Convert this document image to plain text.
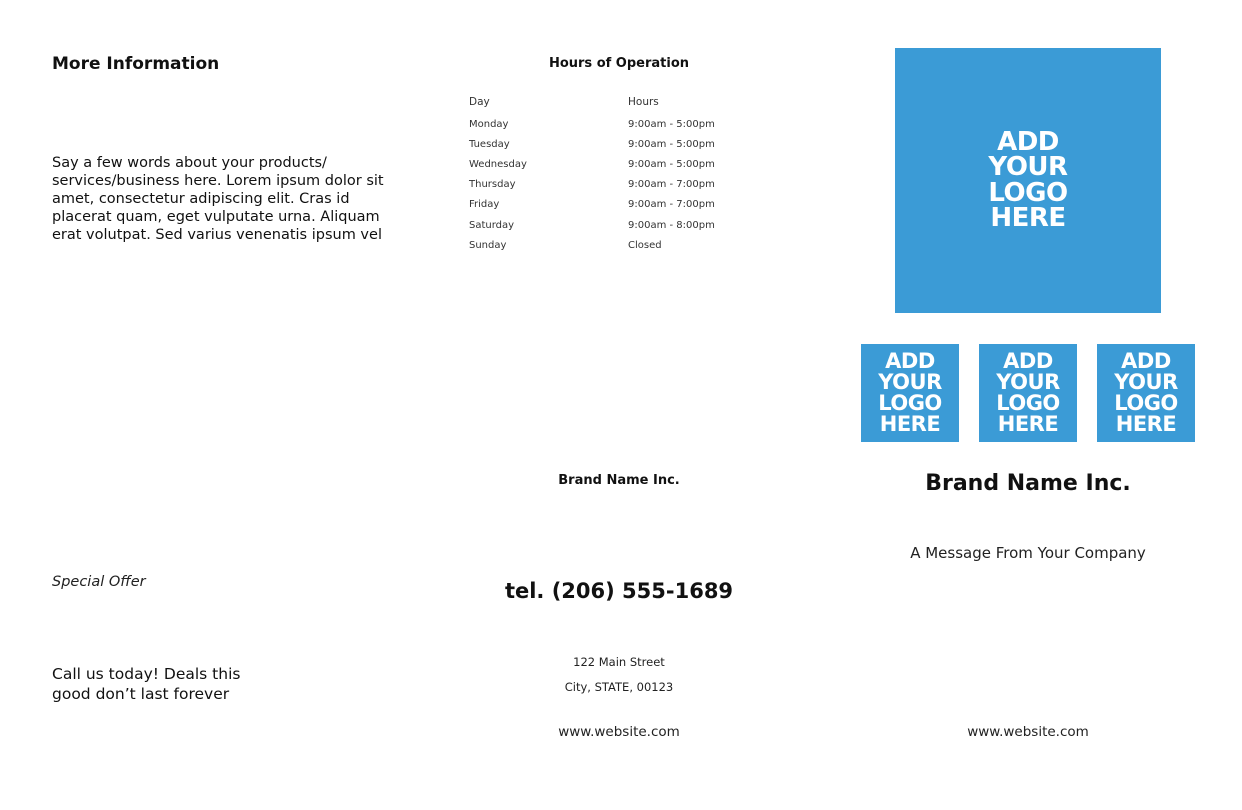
More Information
Say a few words about your products/ services/business here. Lorem ipsum dolor sit amet, consectetur adipiscing elit. Cras id placerat quam, eget vulputate urna. Aliquam erat volutpat. Sed varius venenatis ipsum vel
Special Offer
Call us today! Deals this good don’t last forever
Hours of Operation
Day	Hours
Monday	9:00am - 5:00pm
Tuesday	9:00am - 5:00pm
Wednesday	9:00am - 5:00pm
Thursday	9:00am - 7:00pm
Friday	9:00am - 7:00pm
Saturday	9:00am - 8:00pm
Sunday	Closed
Brand Name Inc.
tel. (206) 555-1689
122 Main Street
City, STATE, 00123
www.website.com
ADD
YOUR
LOGO
HERE
ADD
YOUR
LOGO
HERE
ADD
YOUR
LOGO
HERE
ADD
YOUR
LOGO
HERE
Brand Name Inc.
A Message From Your Company
www.website.com
